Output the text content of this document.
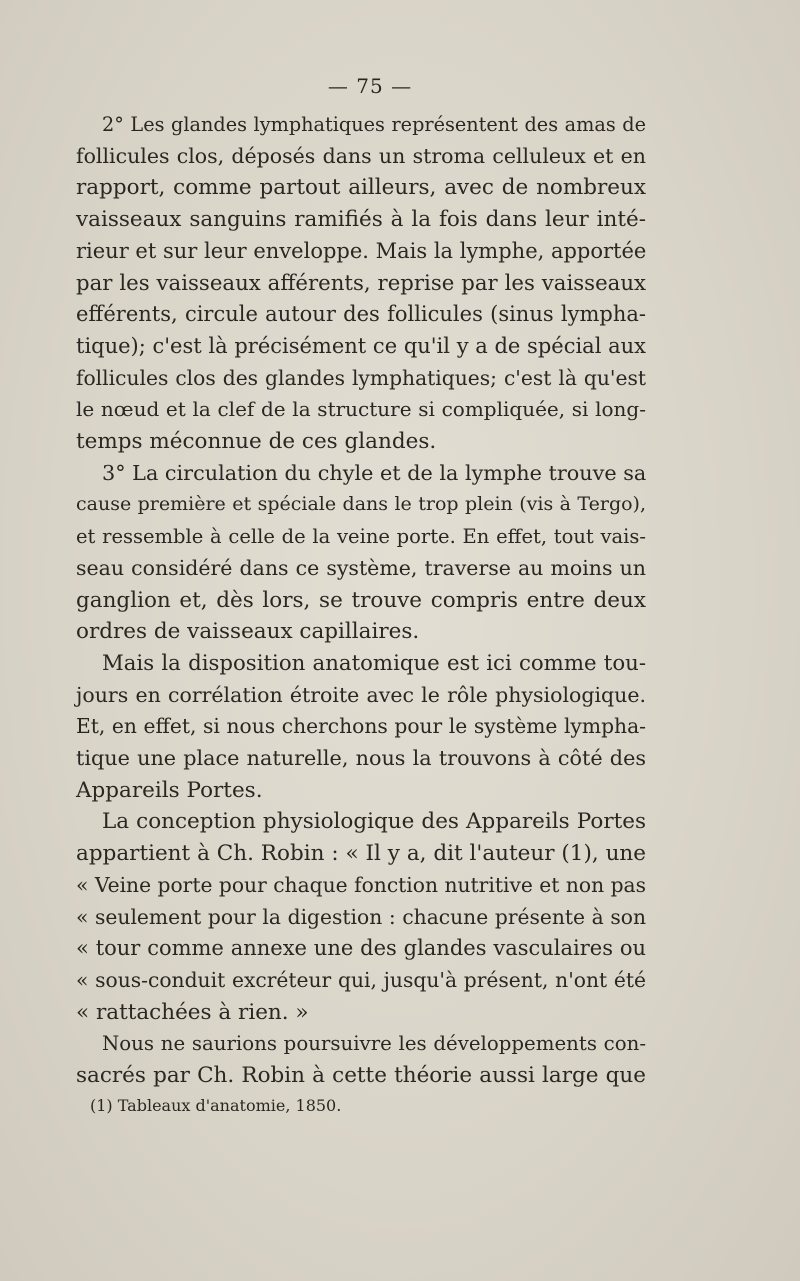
— 75 —
2° Les glandes lymphatiques représentent des amas de
follicules clos, déposés dans un stroma celluleux et en
rapport, comme partout ailleurs, avec de nombreux
vaisseaux sanguins ramifiés à la fois dans leur inté-
rieur et sur leur enveloppe. Mais la lymphe, apportée
par les vaisseaux afférents, reprise par les vaisseaux
efférents, circule autour des follicules (sinus lympha-
tique); c'est là précisément ce qu'il y a de spécial aux
follicules clos des glandes lymphatiques; c'est là qu'est
le nœud et la clef de la structure si compliquée, si long-
temps méconnue de ces glandes.
3° La circulation du chyle et de la lymphe trouve sa
cause première et spéciale dans le trop plein (vis à Tergo),
et ressemble à celle de la veine porte. En effet, tout vais-
seau considéré dans ce système, traverse au moins un
ganglion et, dès lors, se trouve compris entre deux
ordres de vaisseaux capillaires.
Mais la disposition anatomique est ici comme tou-
jours en corrélation étroite avec le rôle physiologique.
Et, en effet, si nous cherchons pour le système lympha-
tique une place naturelle, nous la trouvons à côté des
Appareils Portes.
La conception physiologique des Appareils Portes
appartient à Ch. Robin : « Il y a, dit l'auteur (1), une
« Veine porte pour chaque fonction nutritive et non pas
« seulement pour la digestion : chacune présente à son
« tour comme annexe une des glandes vasculaires ou
« sous-conduit excréteur qui, jusqu'à présent, n'ont été
« rattachées à rien. »
Nous ne saurions poursuivre les développements con-
sacrés par Ch. Robin à cette théorie aussi large que
(1) Tableaux d'anatomie, 1850.
